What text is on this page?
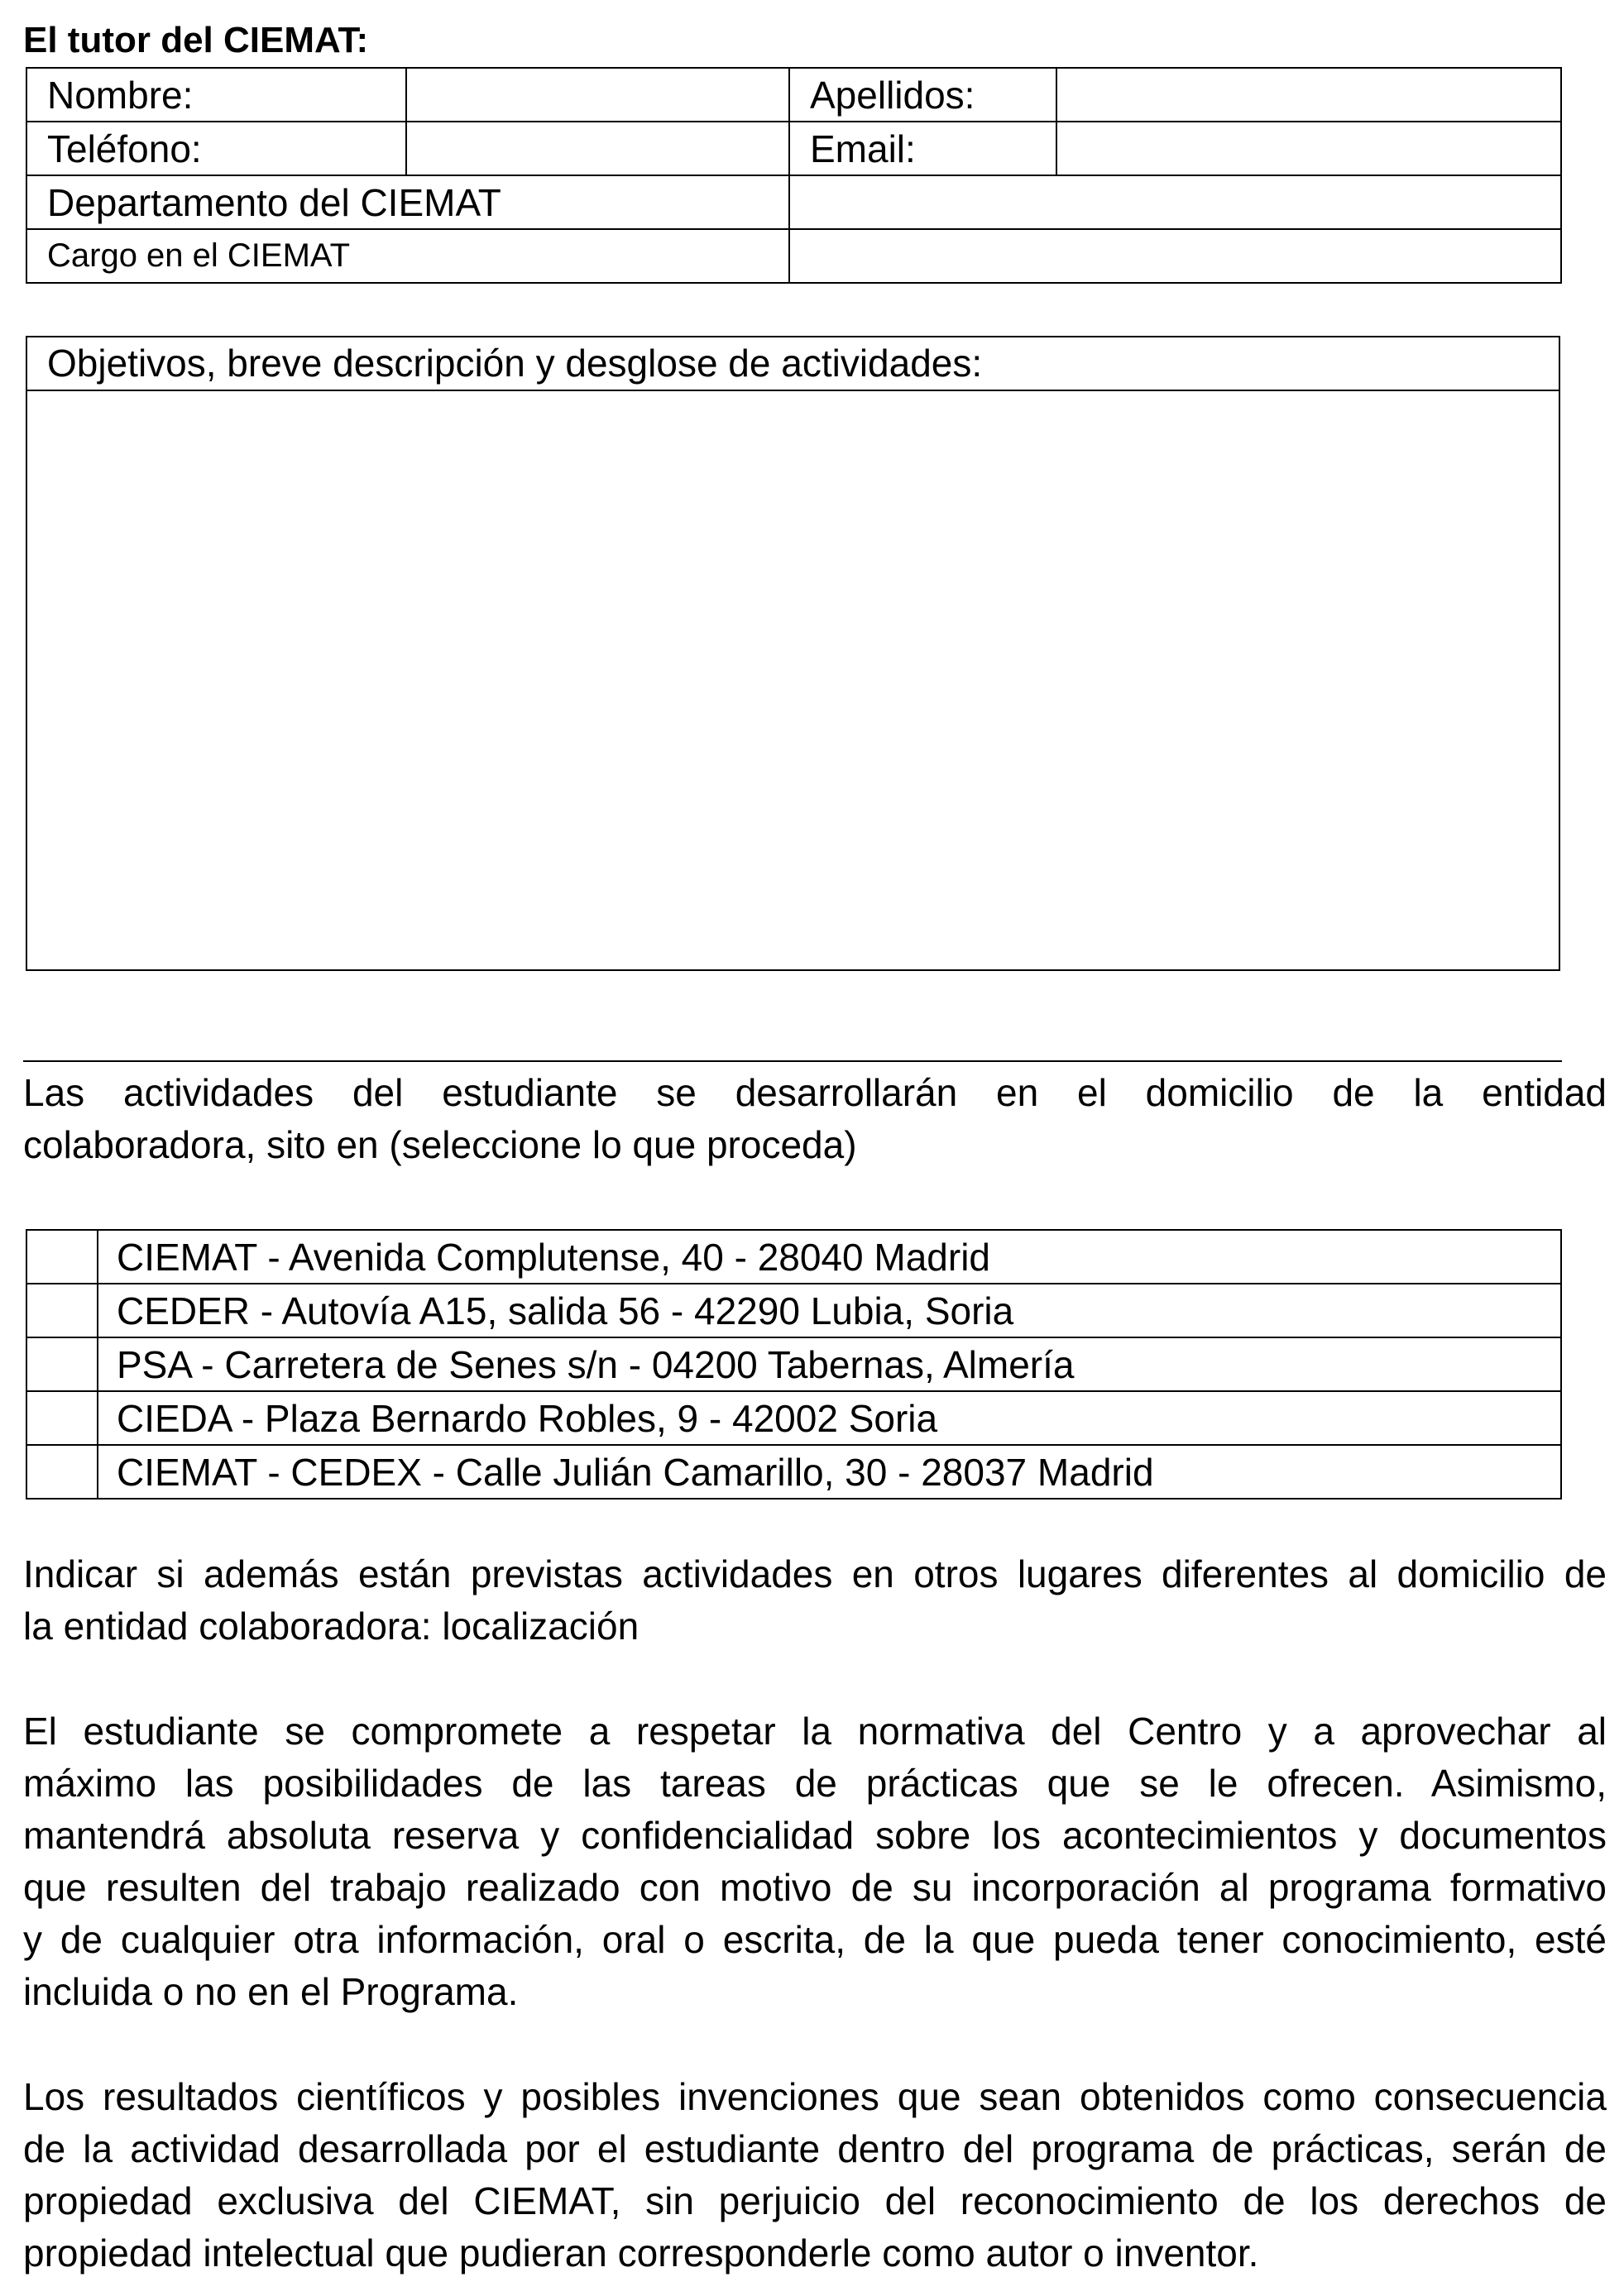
El tutor del CIEMAT:
Nombre:		Apellidos:	
Teléfono:		Email:	
Departamento del CIEMAT			
Cargo en el CIEMAT			
Objetivos, breve descripción y desglose de actividades:
Las actividades del estudiante se desarrollarán en el domicilio de la entidad
colaboradora, sito en (seleccione lo que proceda)
	CIEMAT - Avenida Complutense, 40 - 28040 Madrid
	CEDER - Autovía A15, salida 56 - 42290 Lubia, Soria
	PSA - Carretera de Senes s/n - 04200 Tabernas, Almería
	CIEDA - Plaza Bernardo Robles, 9 - 42002 Soria
	CIEMAT - CEDEX - Calle Julián Camarillo, 30 - 28037 Madrid
Indicar si además están previstas actividades en otros lugares diferentes al domicilio de
la entidad colaboradora: localización
El estudiante se compromete a respetar la normativa del Centro y a aprovechar al
máximo las posibilidades de las tareas de prácticas que se le ofrecen. Asimismo,
mantendrá absoluta reserva y confidencialidad sobre los acontecimientos y documentos
que resulten del trabajo realizado con motivo de su incorporación al programa formativo
y de cualquier otra información, oral o escrita, de la que pueda tener conocimiento, esté
incluida o no en el Programa.
Los resultados científicos y posibles invenciones que sean obtenidos como consecuencia
de la actividad desarrollada por el estudiante dentro del programa de prácticas, serán de
propiedad exclusiva del CIEMAT, sin perjuicio del reconocimiento de los derechos de
propiedad intelectual que pudieran corresponderle como autor o inventor.
